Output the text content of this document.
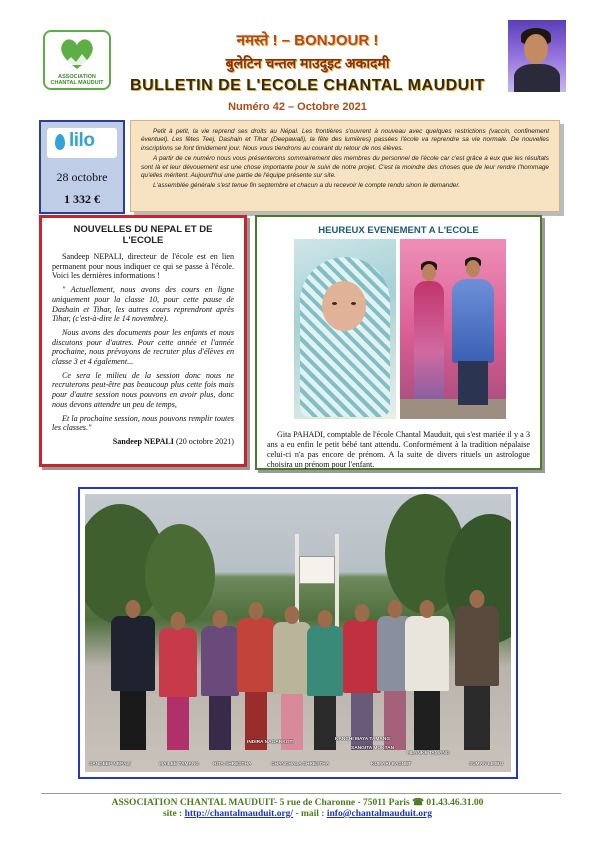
ASSOCIATION
CHANTAL MAUDUIT
नमस्ते ! – BONJOUR !
बुलेटिन चन्तल माउदुइट अकादमी
BULLETIN DE L'ECOLE CHANTAL MAUDUIT
Numéro 42 – Octobre 2021
lilo
28 octobre
1 332 €

Petit à petit, la vie reprend ses droits au Népal. Les frontières s'ouvrent à nouveau avec quelques restrictions (vaccin, confinement éventuel). Les fêtes Teej, Dashain et Tihar (Deepawali), la fête des lumières) passées l'école va reprendre sa vie normale. De nouvelles inscriptions se font timidement jour. Nous vous tiendrons au courant du retour de nos élèves.

A partir de ce numéro nous vous présenterons sommairement des membres du personnel de l'école car c'est grâce à eux que les résultats sont là et leur dévouement est une chose importante pour le suivi de notre projet. C'est la moindre des choses que de leur rendre l'hommage qu'elles méritent. Aujourd'hui une partie de l'équipe présente sur site.

L'assemblée générale s'est tenue fin septembre et chacun a du recevoir le compte rendu sinon le demander.

NOUVELLES DU NEPAL ET DE L'ECOLE

Sandeep NEPALI, directeur de l'école est en lien permanent pour nous indiquer ce qui se passe à l'école. Voici les dernières informations !

" Actuellement, nous avons des cours en ligne uniquement pour la classe 10, pour cette pause de Dashain et Tihar, les autres cours reprendront après Tihar, (c'est-à-dire le 14 novembre).

Nous avons des documents pour les enfants et nous discutons pour d'autres. Pour cette année et l'année prochaine, nous prévoyons de recruter plus d'élèves en classe 3 et 4 également...

Ce sera le milieu de la session donc nous ne recruterons peut-être pas beaucoup plus cette fois mais pour d'autre session nous pouvons en avoir plus, donc nous devons attendre un peu de temps,

Et la prochaine session, nous pouvons remplir toutes les classes."

Sandeep NEPALI (20 octobre 2021)
HEUREUX EVENEMENT A L'ECOLE
Gita PAHADI, comptable de l'école Chantal Mauduit, qui s'est mariée il y a 3 ans a eu enfin le petit bébé tant attendu. Conformément à la tradition népalaise celui-ci n'a pas encore de prénom. A la suite de divers rituels un astrologue choisira un prénom pour l'enfant.
SANDEEP NEPALI	MAILEE TAMANG	RITA SHRESTHA
INDIRA NAGARKOTI
CHANCHALA SHRESTHA
KANCHI MAYA TAMANG
SANGITA MOKTAN
KUMARI BASNET
MLANKE TAMANG
SUMAN LIMBU
ASSOCIATION CHANTAL MAUDUIT- 5 rue de Charonne - 75011 Paris ☎ 01.43.46.31.00
site : http://chantalmauduit.org/ - mail : info@chantalmauduit.org
